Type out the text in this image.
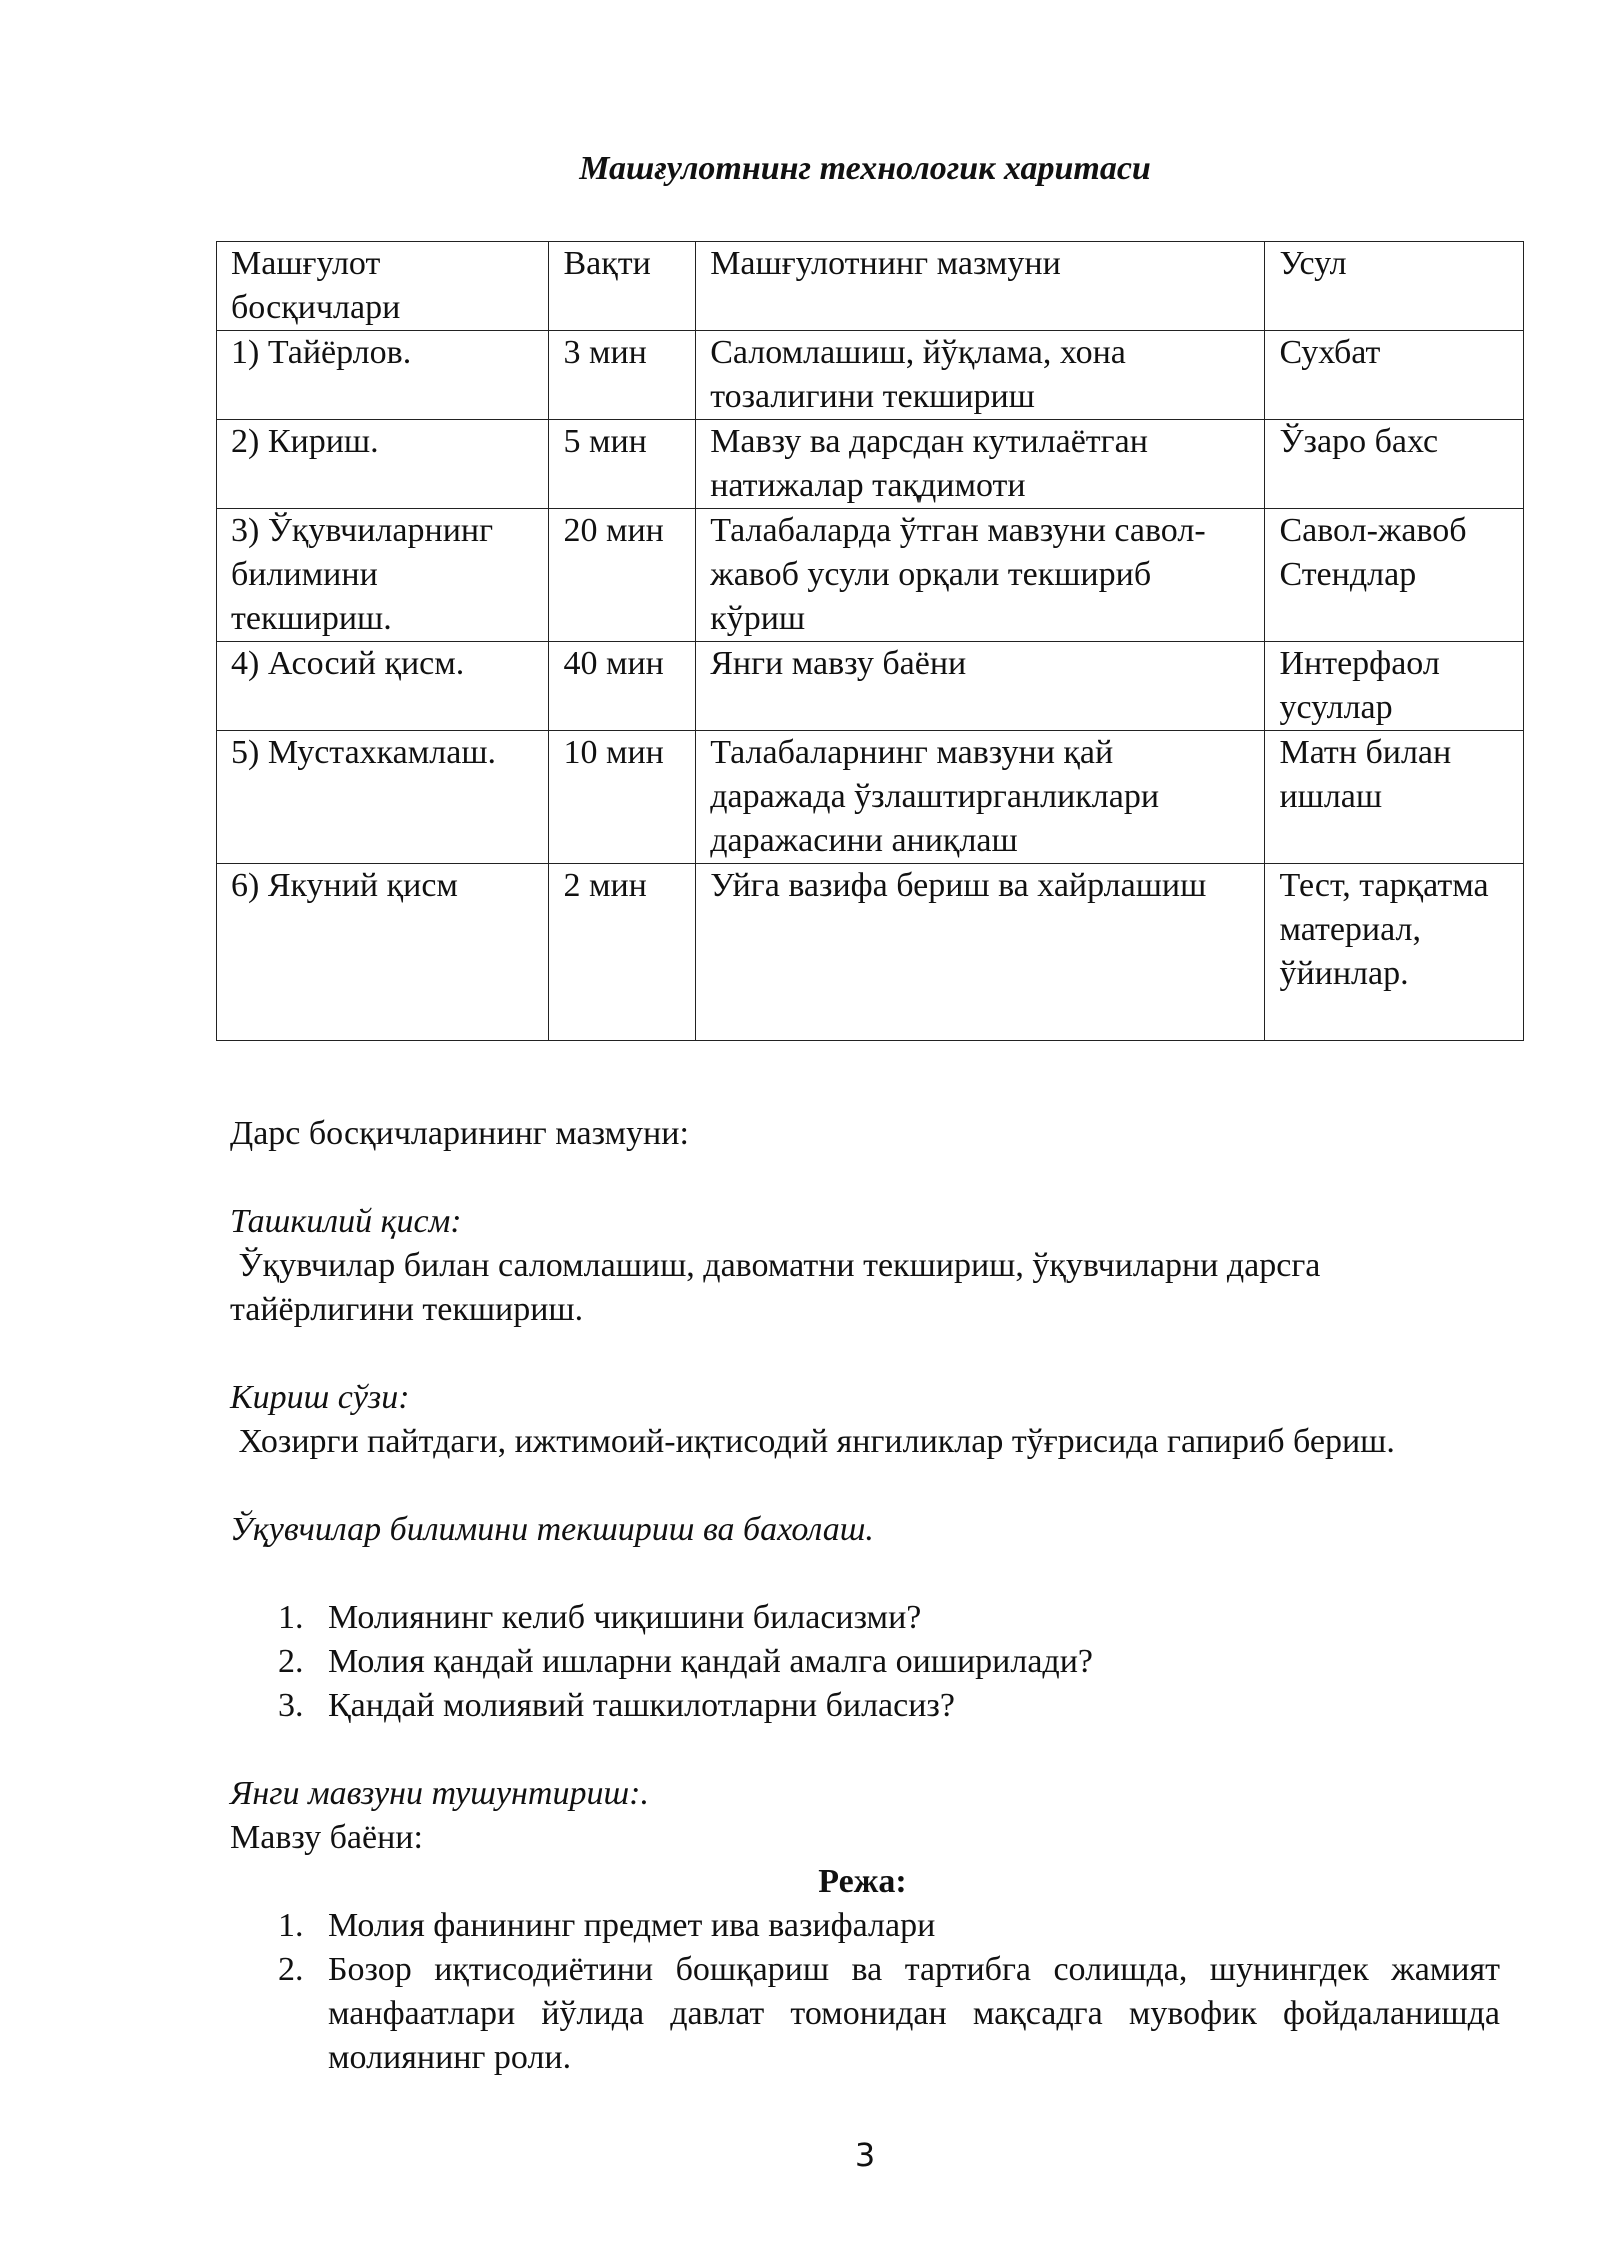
Машғулотнинг технологик харитаси
Машғулот босқичлари	Вақти	Машғулотнинг мазмуни	Усул
1) Тайёрлов.	3 мин	Саломлашиш, йўқлама, хона тозалигини текшириш	Сухбат
2) Кириш.	5 мин	Мавзу ва дарсдан кутилаётган натижалар тақдимоти	Ўзаро бахс
3) Ўқувчиларнинг билимини текшириш.	20 мин	Талабаларда ўтган мавзуни савол-жавоб усули орқали текшириб кўриш	Савол-жавоб Стендлар
4) Асосий қисм.	40 мин	Янги мавзу баёни	Интерфаол усуллар
5) Мустахкамлаш.	10 мин	Талабаларнинг мавзуни қай даражада ўзлаштирганликлари даражасини аниқлаш	Матн билан ишлаш
6) Якуний қисм	2 мин	Уйга вазифа бериш ва хайрлашиш	Тест, тарқатма материал, ўйинлар.

Дарс босқичларининг мазмуни:

Ташкилий қисм:

Ўқувчилар билан саломлашиш, давоматни текшириш, ўқувчиларни дарсга тайёрлигини текшириш.

Кириш сўзи:

Хозирги пайтдаги, ижтимоий-иқтисодий янгиликлар тўғрисида гапириб бериш.

Ўқувчилар билимини текшириш ва бахолаш.

1. Молиянинг келиб чиқишини биласизми?
2. Молия қандай ишларни қандай амалга оиширилади?
3. Қандай молиявий ташкилотларни биласиз?

Янги мавзуни тушунтириш:.

Мавзу баёни:

Режа:

1. Молия фанининг предмет ива вазифалари
2. Бозор иқтисодиётини бошқариш ва тартибга солишда, шунингдек жамият манфаатлари йўлида давлат томонидан мақсадга мувофик фойдаланишда молиянинг роли.
3
